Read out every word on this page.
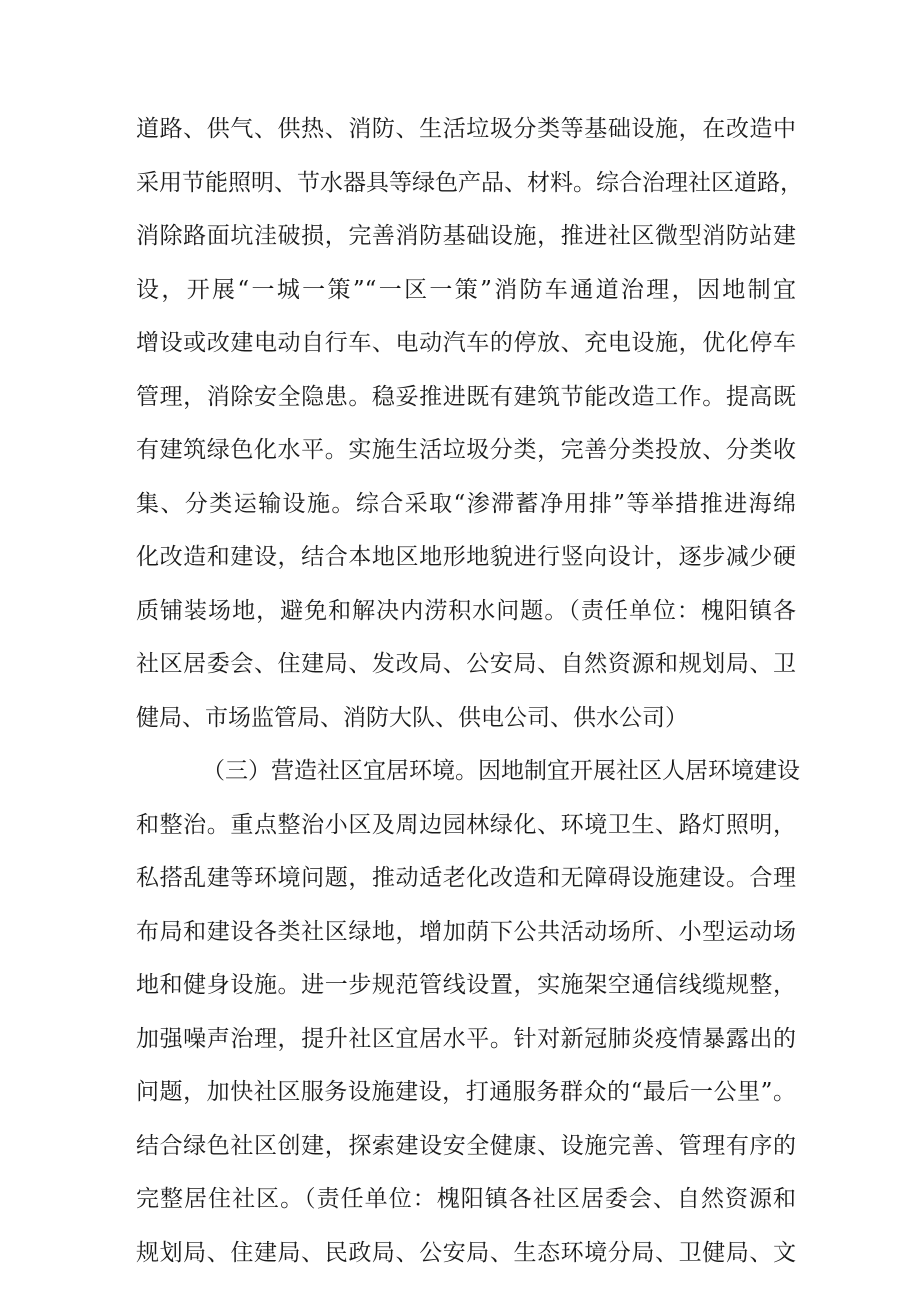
道路、供气、供热、消防、生活垃圾分类等基础设施，在改造中
采用节能照明、节水器具等绿色产品、材料。综合治理社区道路，
消除路面坑洼破损，完善消防基础设施，推进社区微型消防站建
设，开展“一城一策”“一区一策”消防车通道治理，因地制宜
增设或改建电动自行车、电动汽车的停放、充电设施，优化停车
管理，消除安全隐患。稳妥推进既有建筑节能改造工作。提高既
有建筑绿色化水平。实施生活垃圾分类，完善分类投放、分类收
集、分类运输设施。综合采取“渗滞蓄净用排”等举措推进海绵
化改造和建设，结合本地区地形地貌进行竖向设计，逐步减少硬
质铺装场地，避免和解决内涝积水问题。（责任单位：槐阳镇各
社区居委会、住建局、发改局、公安局、自然资源和规划局、卫
健局、市场监管局、消防大队、供电公司、供水公司）
（三）营造社区宜居环境。因地制宜开展社区人居环境建设
和整治。重点整治小区及周边园林绿化、环境卫生、路灯照明，
私搭乱建等环境问题，推动适老化改造和无障碍设施建设。合理
布局和建设各类社区绿地，增加荫下公共活动场所、小型运动场
地和健身设施。进一步规范管线设置，实施架空通信线缆规整，
加强噪声治理，提升社区宜居水平。针对新冠肺炎疫情暴露出的
问题，加快社区服务设施建设，打通服务群众的“最后一公里”。
结合绿色社区创建，探索建设安全健康、设施完善、管理有序的
完整居住社区。（责任单位：槐阳镇各社区居委会、自然资源和
规划局、住建局、民政局、公安局、生态环境分局、卫健局、文
